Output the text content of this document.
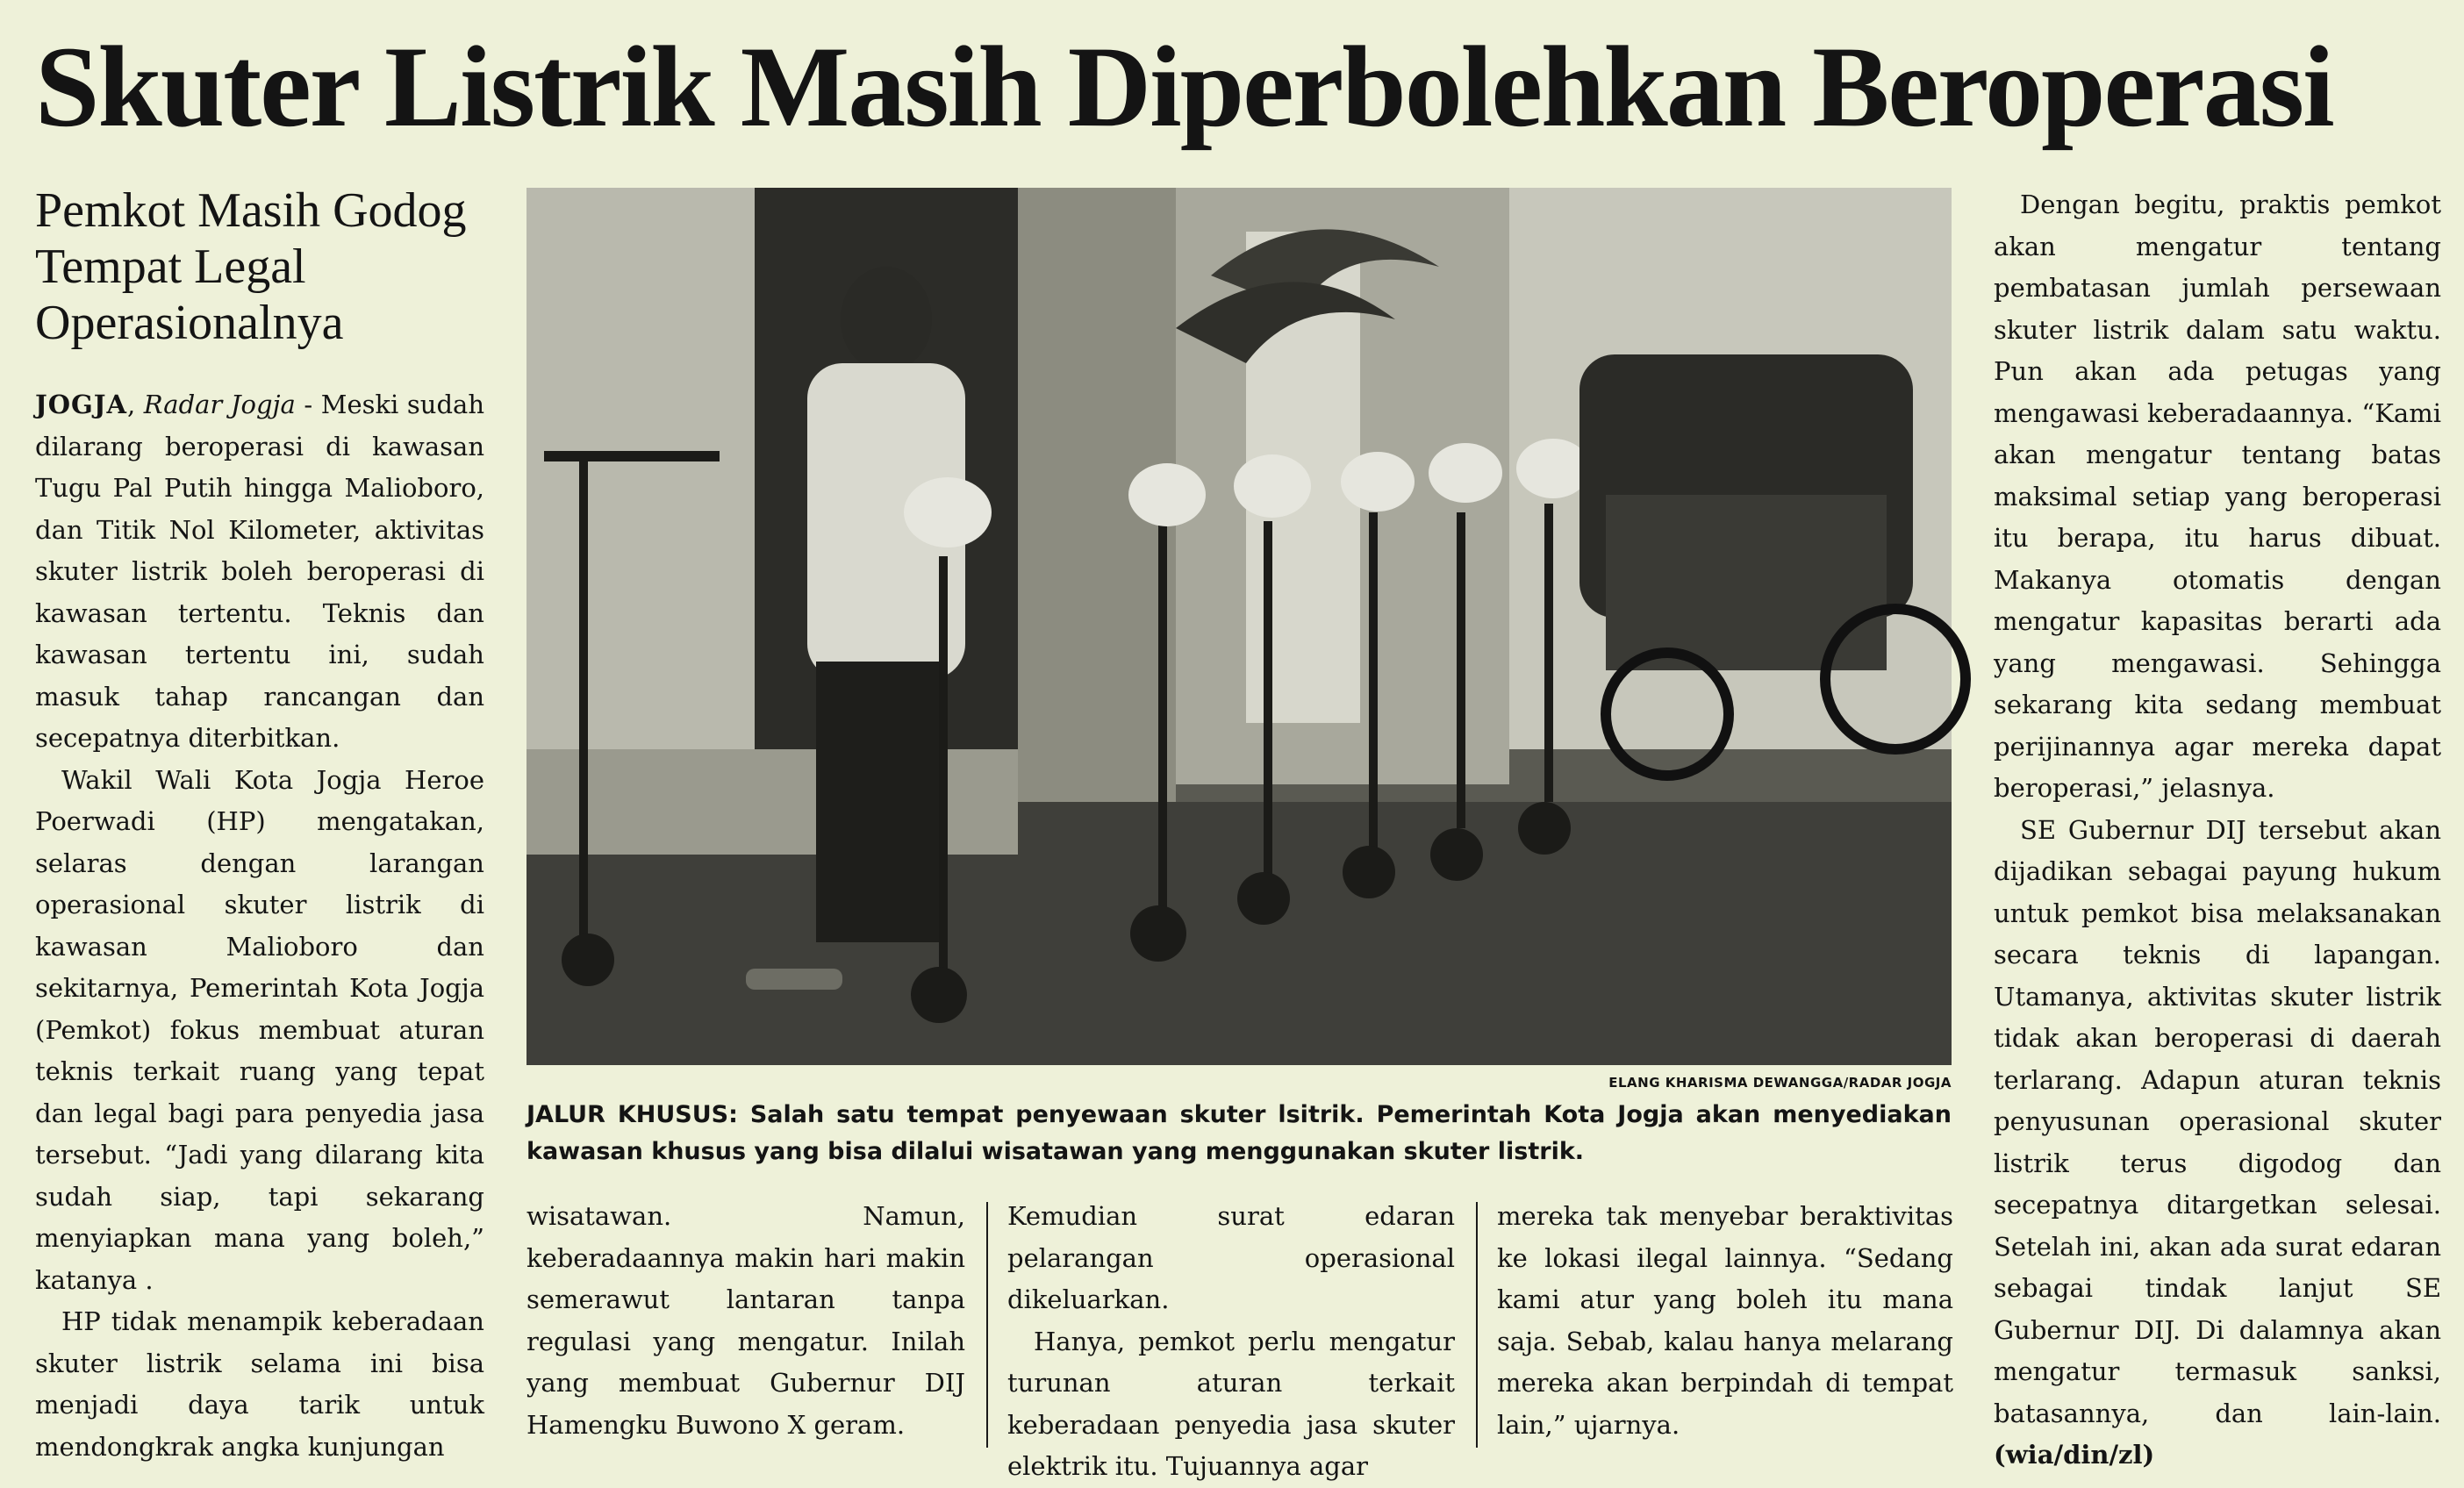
Skuter Listrik Masih Diperbolehkan Beroperasi
Pemkot Masih Godog Tempat Legal Operasionalnya

JOGJA, Radar Jogja - Meski sudah dilarang beroperasi di kawasan Tugu Pal Putih hingga Malioboro, dan Titik Nol Kilometer, aktivitas skuter listrik boleh beroperasi di kawasan tertentu. Teknis dan kawasan tertentu ini, sudah masuk tahap rancangan dan secepatnya diterbitkan.

Wakil Wali Kota Jogja Heroe Poerwadi (HP) mengatakan, selaras dengan larangan operasional skuter listrik di kawasan Malioboro dan sekitarnya, Pemerintah Kota Jogja (Pemkot) fokus membuat aturan teknis terkait ruang yang tepat dan legal bagi para penyedia jasa tersebut. “Jadi yang dilarang kita sudah siap, tapi sekarang menyiapkan mana yang boleh,” katanya .

HP tidak menampik keberadaan skuter listrik selama ini bisa menjadi daya tarik untuk mendongkrak angka kunjungan

ELANG KHARISMA DEWANGGA/RADAR JOGJA
JALUR KHUSUS: Salah satu tempat penyewaan skuter lsitrik. Pemerintah Kota Jogja akan menyediakan kawasan khusus yang bisa dilalui wisatawan yang menggunakan skuter listrik.

wisatawan. Namun, keberadaannya makin hari makin semerawut lantaran tanpa regulasi yang mengatur. Inilah yang membuat Gubernur DIJ Hamengku Buwono X geram.

Kemudian surat edaran pelarangan operasional dikeluarkan.

Hanya, pemkot perlu mengatur turunan aturan terkait keberadaan penyedia jasa skuter elektrik itu. Tujuannya agar

mereka tak menyebar beraktivitas ke lokasi ilegal lainnya. “Sedang kami atur yang boleh itu mana saja. Sebab, kalau hanya melarang mereka akan berpindah di tempat lain,” ujarnya.

Dengan begitu, praktis pemkot akan mengatur tentang pembatasan jumlah persewaan skuter listrik dalam satu waktu. Pun akan ada petugas yang mengawasi keberadaannya. “Kami akan mengatur tentang batas maksimal setiap yang beroperasi itu berapa, itu harus dibuat. Makanya otomatis dengan mengatur kapasitas berarti ada yang mengawasi. Sehingga sekarang kita sedang membuat perijinannya agar mereka dapat beroperasi,” jelasnya.

SE Gubernur DIJ tersebut akan dijadikan sebagai payung hukum untuk pemkot bisa melaksanakan secara teknis di lapangan. Utamanya, aktivitas skuter listrik tidak akan beroperasi di daerah terlarang. Adapun aturan teknis penyusunan operasional skuter listrik terus digodog dan secepatnya ditargetkan selesai. Setelah ini, akan ada surat edaran sebagai tindak lanjut SE Gubernur DIJ. Di dalamnya akan mengatur termasuk sanksi, batasannya, dan lain-lain. (wia/din/zl)
